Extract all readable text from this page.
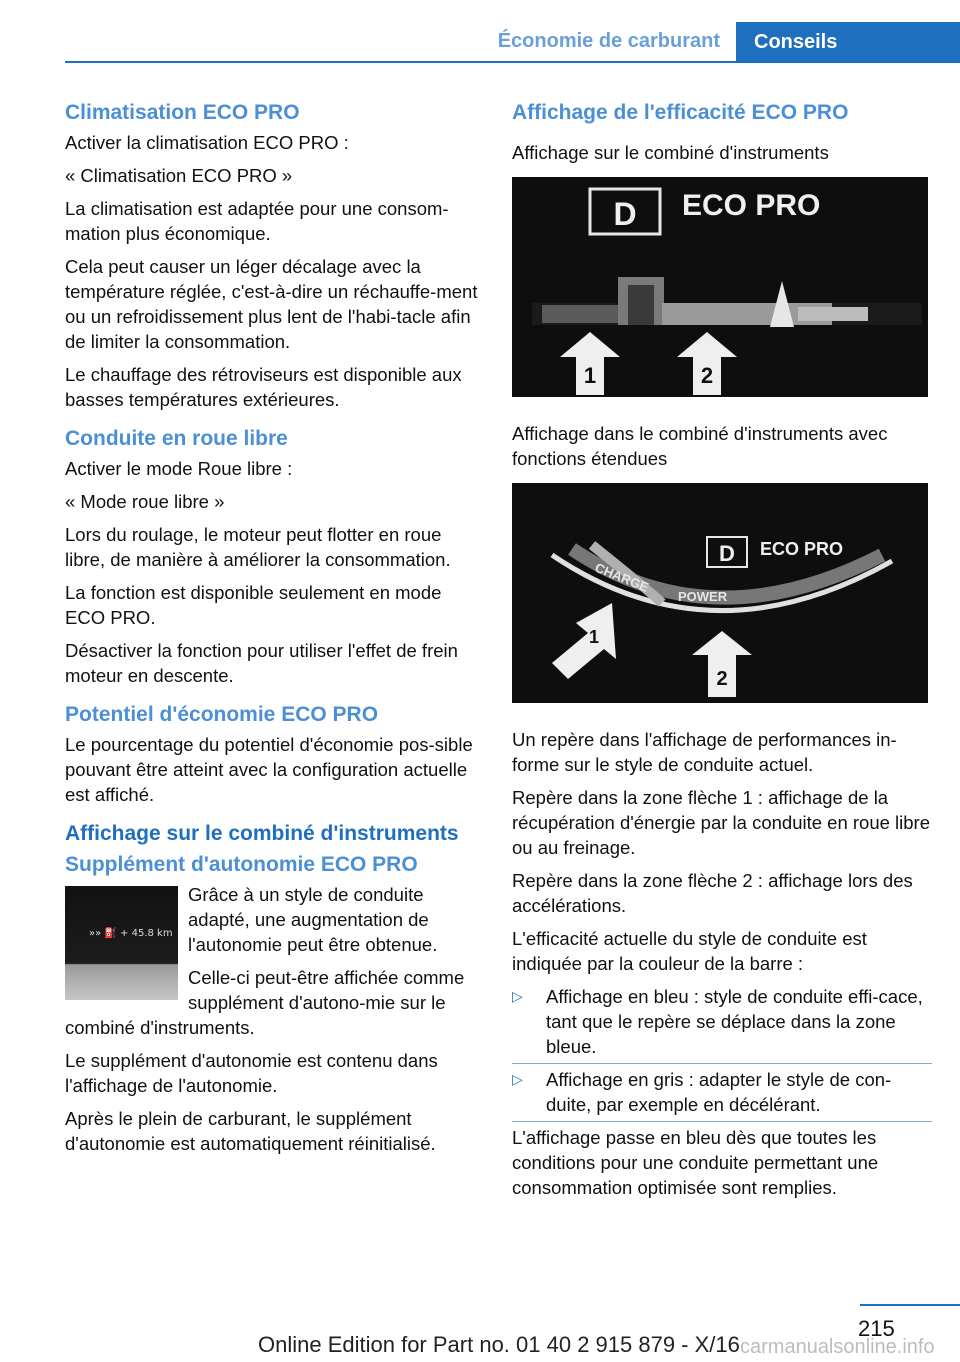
Économie de carburant	Conseils
Climatisation ECO PRO

Activer la climatisation ECO PRO :

« Climatisation ECO PRO »

La climatisation est adaptée pour une consom-mation plus économique.

Cela peut causer un léger décalage avec la température réglée, c'est-à-dire un réchauffe-ment ou un refroidissement plus lent de l'habi-tacle afin de limiter la consommation.

Le chauffage des rétroviseurs est disponible aux basses températures extérieures.

Conduite en roue libre

Activer le mode Roue libre :

« Mode roue libre »

Lors du roulage, le moteur peut flotter en roue libre, de manière à améliorer la consommation.

La fonction est disponible seulement en mode ECO PRO.

Désactiver la fonction pour utiliser l'effet de frein moteur en descente.

Potentiel d'économie ECO PRO

Le pourcentage du potentiel d'économie pos-sible pouvant être atteint avec la configuration actuelle est affiché.

Affichage sur le combiné d'instruments
Supplément d'autonomie ECO PRO
»» ⛽ + 45.8 km

Grâce à un style de conduite adapté, une augmentation de l'autonomie peut être obtenue.

Celle-ci peut-être affichée comme supplément d'autono-mie sur le combiné d'instruments.

Le supplément d'autonomie est contenu dans l'affichage de l'autonomie.

Après le plein de carburant, le supplément d'autonomie est automatiquement réinitialisé.

Affichage de l'efficacité ECO PRO

Affichage sur le combiné d'instruments

D ECO PRO
1	2

Affichage dans le combiné d'instruments avec fonctions étendues

D ECO PRO
CHARGE
POWER
1
2

Un repère dans l'affichage de performances in-forme sur le style de conduite actuel.

Repère dans la zone flèche 1 : affichage de la récupération d'énergie par la conduite en roue libre ou au freinage.

Repère dans la zone flèche 2 : affichage lors des accélérations.

L'efficacité actuelle du style de conduite est indiquée par la couleur de la barre :

▷ Affichage en bleu : style de conduite effi-cace, tant que le repère se déplace dans la zone bleue.
▷ Affichage en gris : adapter le style de con-duite, par exemple en décélérant.

L'affichage passe en bleu dès que toutes les conditions pour une conduite permettant une consommation optimisée sont remplies.

215
Online Edition for Part no. 01 40 2 915 879 - X/16 carmanualsonline.info
